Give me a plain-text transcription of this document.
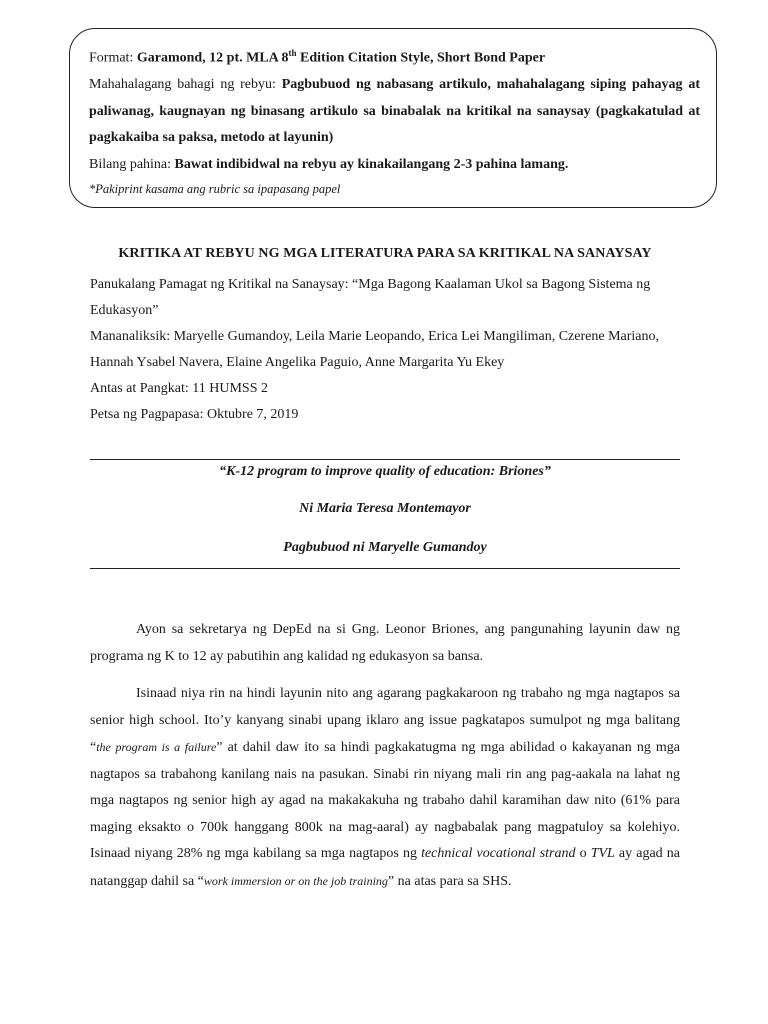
Format: Garamond, 12 pt. MLA 8th Edition Citation Style, Short Bond Paper

Mahahalagang bahagi ng rebyu: Pagbubuod ng nabasang artikulo, mahahalagang siping pahayag at paliwanag, kaugnayan ng binasang artikulo sa binabalak na kritikal na sanaysay (pagkakatulad at pagkakaiba sa paksa, metodo at layunin)

Bilang pahina: Bawat indibidwal na rebyu ay kinakailangang 2-3 pahina lamang.

*Pakiprint kasama ang rubric sa ipapasang papel

KRITIKA AT REBYU NG MGA LITERATURA PARA SA KRITIKAL NA SANAYSAY

Panukalang Pamagat ng Kritikal na Sanaysay: “Mga Bagong Kaalaman Ukol sa Bagong Sistema ng Edukasyon”

Mananaliksik: Maryelle Gumandoy, Leila Marie Leopando, Erica Lei Mangiliman, Czerene Mariano, Hannah Ysabel Navera, Elaine Angelika Paguio, Anne Margarita Yu Ekey

Antas at Pangkat: 11 HUMSS 2

Petsa ng Pagpapasa: Oktubre 7, 2019

“K-12 program to improve quality of education: Briones”
Ni Maria Teresa Montemayor
Pagbubuod ni Maryelle Gumandoy

Ayon sa sekretarya ng DepEd na si Gng. Leonor Briones, ang pangunahing layunin daw ng programa ng K to 12 ay pabutihin ang kalidad ng edukasyon sa bansa.

Isinaad niya rin na hindi layunin nito ang agarang pagkakaroon ng trabaho ng mga nagtapos sa senior high school. Ito’y kanyang sinabi upang iklaro ang issue pagkatapos sumulpot ng mga balitang “the program is a failure” at dahil daw ito sa hindi pagkakatugma ng mga abilidad o kakayanan ng mga nagtapos sa trabahong kanilang nais na pasukan. Sinabi rin niyang mali rin ang pag-aakala na lahat ng mga nagtapos ng senior high ay agad na makakakuha ng trabaho dahil karamihan daw nito (61% para maging eksakto o 700k hanggang 800k na mag-aaral) ay nagbabalak pang magpatuloy sa kolehiyo. Isinaad niyang 28% ng mga kabilang sa mga nagtapos ng technical vocational strand o TVL ay agad na natanggap dahil sa “work immersion or on the job training” na atas para sa SHS.
